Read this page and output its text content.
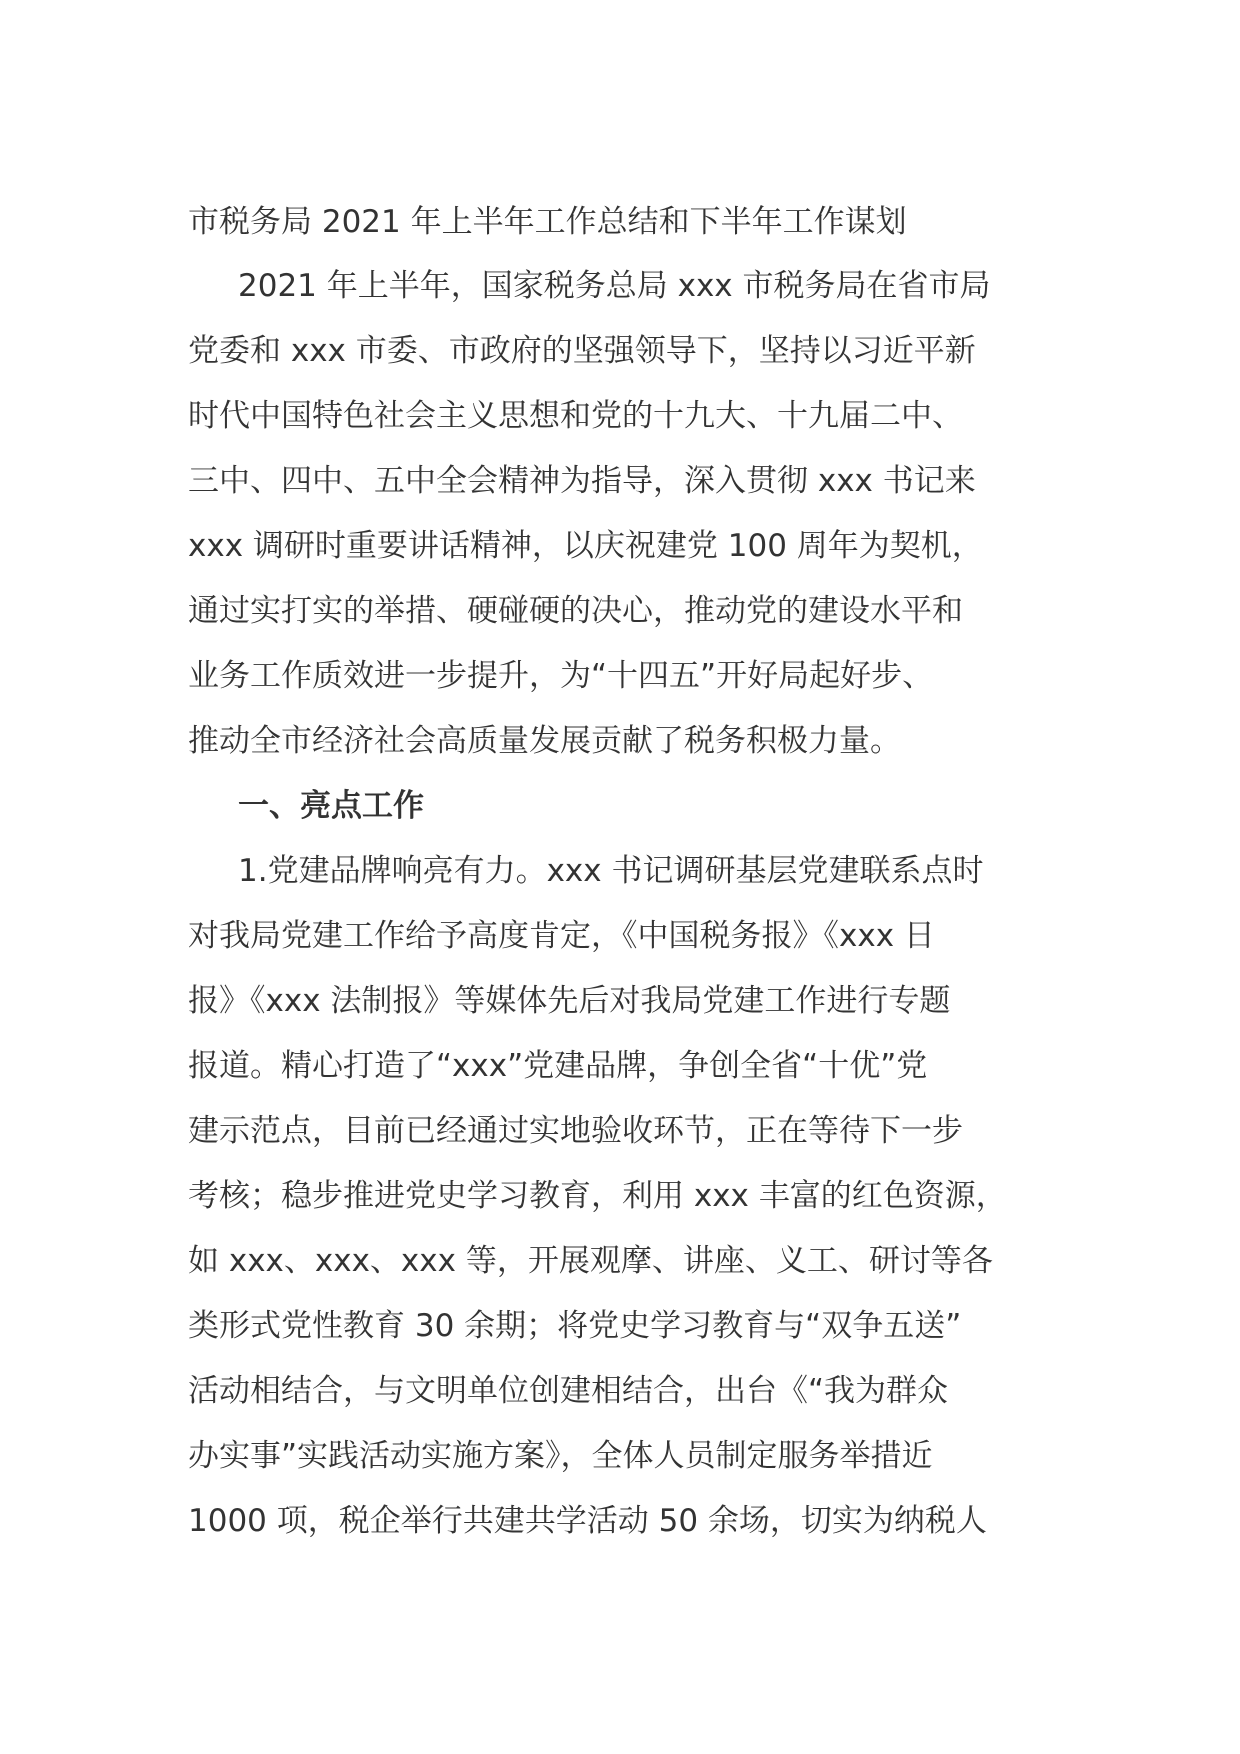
市税务局 2021 年上半年工作总结和下半年工作谋划

2021 年上半年，国家税务总局 xxx 市税务局在省市局
党委和 xxx 市委、市政府的坚强领导下，坚持以习近平新
时代中国特色社会主义思想和党的十九大、十九届二中、
三中、四中、五中全会精神为指导，深入贯彻 xxx 书记来
xxx 调研时重要讲话精神，以庆祝建党 100 周年为契机，
通过实打实的举措、硬碰硬的决心，推动党的建设水平和
业务工作质效进一步提升，为“十四五”开好局起好步、
推动全市经济社会高质量发展贡献了税务积极力量。

一、亮点工作

1.党建品牌响亮有力。xxx 书记调研基层党建联系点时
对我局党建工作给予高度肯定，《中国税务报》《xxx 日
报》《xxx 法制报》等媒体先后对我局党建工作进行专题
报道。精心打造了“xxx”党建品牌，争创全省“十优”党
建示范点，目前已经通过实地验收环节，正在等待下一步
考核；稳步推进党史学习教育，利用 xxx 丰富的红色资源，
如 xxx、xxx、xxx 等，开展观摩、讲座、义工、研讨等各
类形式党性教育 30 余期；将党史学习教育与“双争五送”
活动相结合，与文明单位创建相结合，出台《“我为群众
办实事”实践活动实施方案》，全体人员制定服务举措近
1000 项，税企举行共建共学活动 50 余场，切实为纳税人
